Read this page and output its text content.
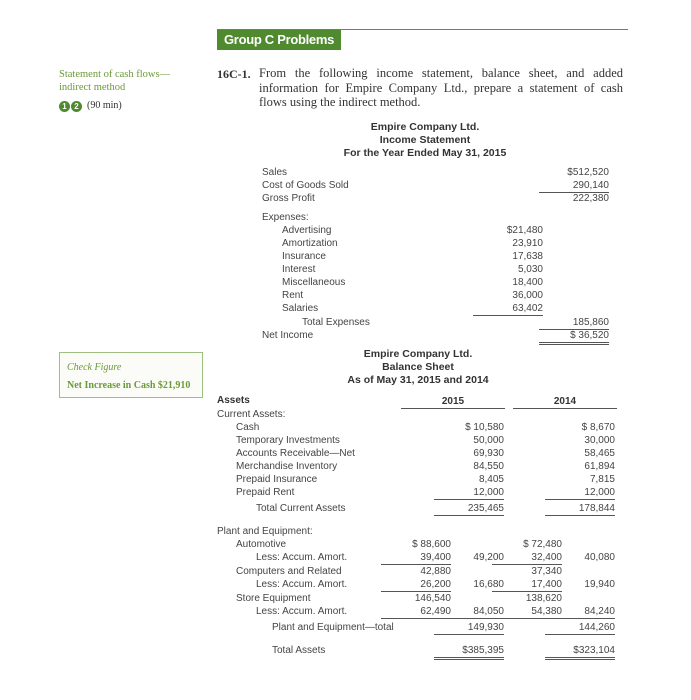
Group C Problems
Statement of cash flows—
indirect method
1 2 (90 min)
16C-1. From the following income statement, balance sheet, and added information for Empire Company Ltd., prepare a statement of cash flows using the indirect method.
Empire Company Ltd.
Income Statement
For the Year Ended May 31, 2015
Sales	$512,520
Cost of Goods Sold	290,140
Gross Profit	222,380
Expenses:
Advertising	$21,480
Amortization	23,910
Insurance	17,638
Interest	5,030
Miscellaneous	18,400
Rent	36,000
Salaries	63,402
Total Expenses	185,860
Net Income	$ 36,520
Check Figure
Net Increase in Cash $21,910
Empire Company Ltd.
Balance Sheet
As of May 31, 2015 and 2014
Assets	2015	2014
Current Assets:
Cash	$ 10,580	$ 8,670
Temporary Investments	50,000	30,000
Accounts Receivable—Net	69,930	58,465
Merchandise Inventory	84,550	61,894
Prepaid Insurance	8,405	7,815
Prepaid Rent	12,000	12,000
Total Current Assets	235,465	178,844
Plant and Equipment:
Automotive	$ 88,600	$ 72,480
Less: Accum. Amort.	39,400	49,200	32,400	40,080
Computers and Related	42,880	37,340
Less: Accum. Amort.	26,200	16,680	17,400	19,940
Store Equipment	146,540	138,620
Less: Accum. Amort.	62,490	84,050	54,380	84,240
Plant and Equipment—total	149,930	144,260
Total Assets	$385,395	$323,104
